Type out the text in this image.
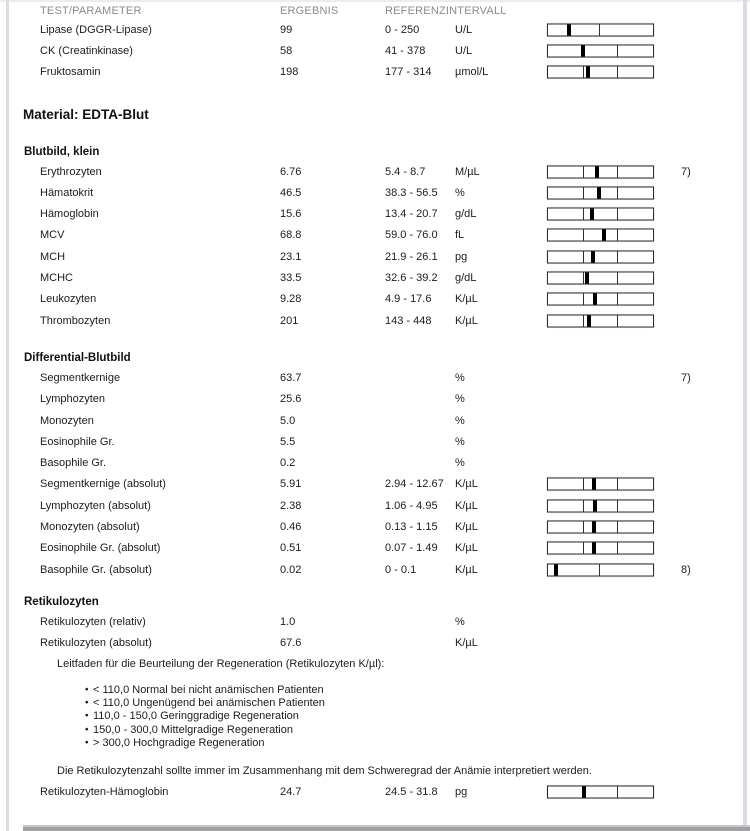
TEST/PARAMETER	ERGEBNIS	REFERENZINTERVALL
Lipase (DGGR-Lipase)	99	0 - 250	U/L
CK (Creatinkinase)	58	41 - 378	U/L
Fruktosamin	198	177 - 314 µmol/L
Material: EDTA-Blut
Blutbild, klein
Erythrozyten	6.76	5.4 - 8.7	M/µL	7)
Hämatokrit	46.5	38.3 - 56.5 %
Hämoglobin	15.6	13.4 - 20.7 g/dL
MCV	68.8	59.0 - 76.0 fL
MCH	23.1	21.9 - 26.1 pg
MCHC	33.5	32.6 - 39.2 g/dL
Leukozyten	9.28	4.9 - 17.6 K/µL
Thrombozyten	201	143 - 448 K/µL
Differential-Blutbild
Segmentkernige	63.7	%	7)
Lymphozyten	25.6	%
Monozyten	5.0	%
Eosinophile Gr.	5.5	%
Basophile Gr.	0.2	%
Segmentkernige (absolut)	5.91	2.94 - 12.67 K/µL
Lymphozyten (absolut)	2.38	1.06 - 4.95 K/µL
Monozyten (absolut)	0.46	0.13 - 1.15 K/µL
Eosinophile Gr. (absolut)	0.51	0.07 - 1.49 K/µL
Basophile Gr. (absolut)	0.02	0 - 0.1	K/µL	8)
Retikulozyten
Retikulozyten (relativ)	1.0	%
Retikulozyten (absolut)	67.6	K/µL
Leitfaden für die Beurteilung der Regeneration (Retikulozyten K/µl):
• < 110,0 Normal bei nicht anämischen Patienten
• < 110,0 Ungenügend bei anämischen Patienten
• 110,0 - 150,0 Geringgradige Regeneration
• 150,0 - 300,0 Mittelgradige Regeneration
• > 300,0 Hochgradige Regeneration
Die Retikulozytenzahl sollte immer im Zusammenhang mit dem Schweregrad der Anämie interpretiert werden.
Retikulozyten-Hämoglobin	24.7	24.5 - 31.8 pg
